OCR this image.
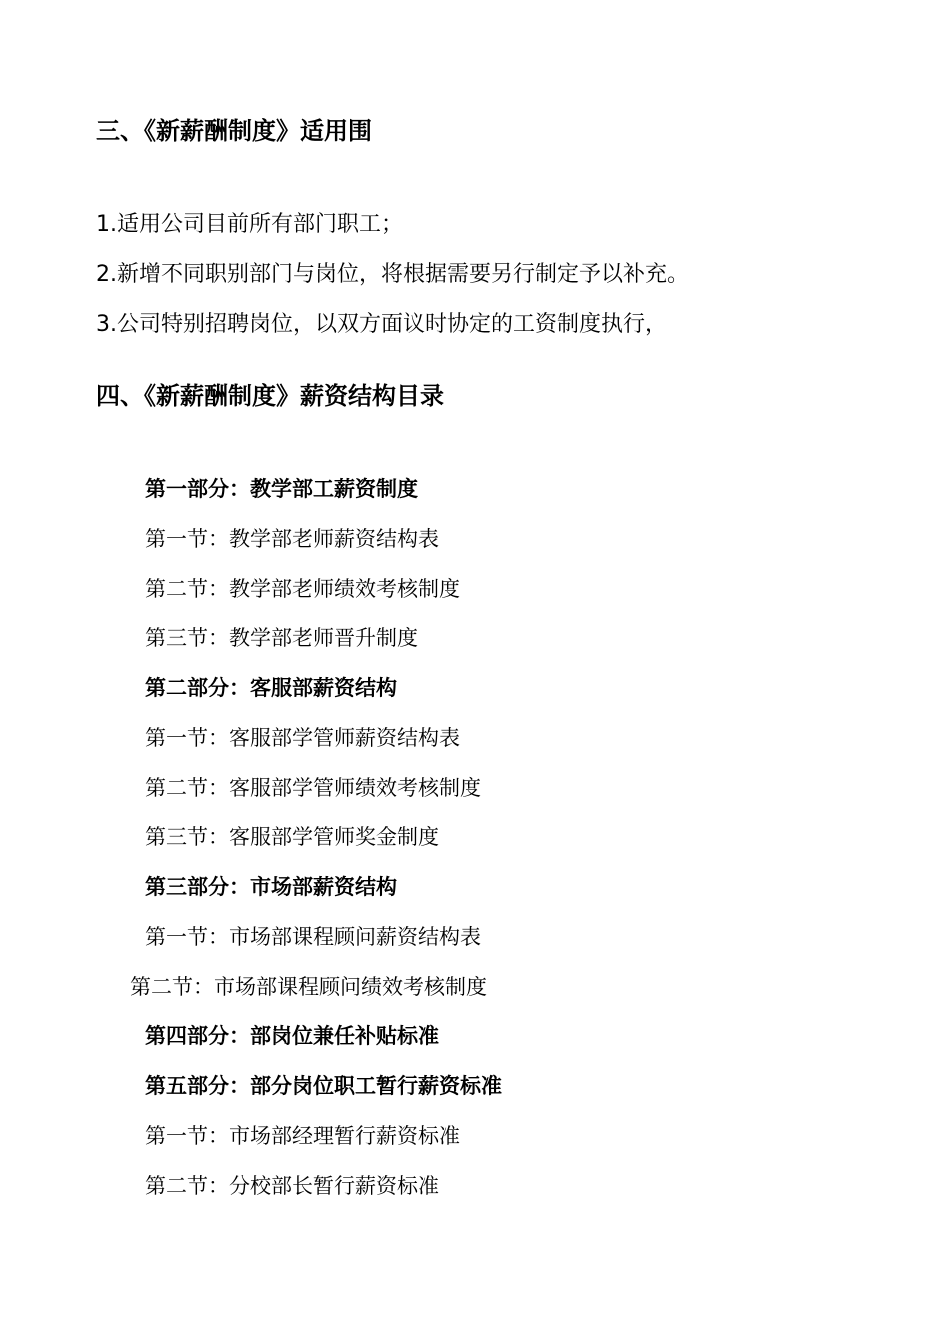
三、《新薪酬制度》适用围
1.适用公司目前所有部门职工；
2.新增不同职别部门与岗位，将根据需要另行制定予以补充。
3.公司特别招聘岗位，以双方面议时协定的工资制度执行，
四、《新薪酬制度》薪资结构目录
第一部分：教学部工薪资制度
第一节：教学部老师薪资结构表
第二节：教学部老师绩效考核制度
第三节：教学部老师晋升制度
第二部分：客服部薪资结构
第一节：客服部学管师薪资结构表
第二节：客服部学管师绩效考核制度
第三节：客服部学管师奖金制度
第三部分：市场部薪资结构
第一节：市场部课程顾问薪资结构表
第二节：市场部课程顾问绩效考核制度
第四部分：部岗位兼任补贴标准
第五部分：部分岗位职工暂行薪资标准
第一节：市场部经理暂行薪资标准
第二节：分校部长暂行薪资标准
